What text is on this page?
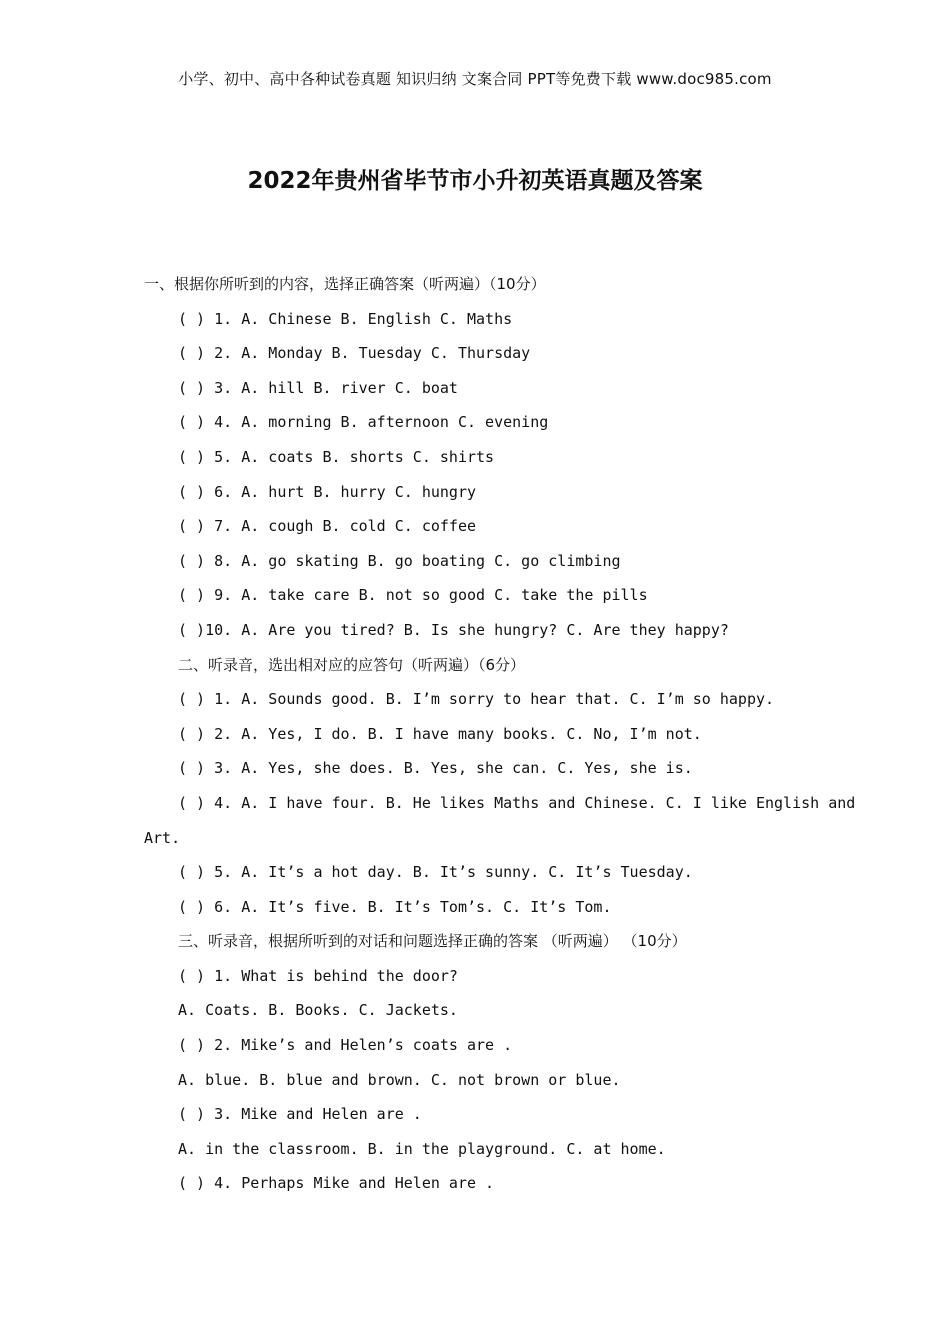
小学、初中、高中各种试卷真题 知识归纳 文案合同 PPT等免费下载 www.doc985.com
2022年贵州省毕节市小升初英语真题及答案
一、根据你所听到的内容，选择正确答案（听两遍）（10分）
( ) 1. A. Chinese B. English C. Maths
( ) 2. A. Monday B. Tuesday C. Thursday
( ) 3. A. hill B. river C. boat
( ) 4. A. morning B. afternoon C. evening
( ) 5. A. coats B. shorts C. shirts
( ) 6. A. hurt B. hurry C. hungry
( ) 7. A. cough B. cold C. coffee
( ) 8. A. go skating B. go boating C. go climbing
( ) 9. A. take care B. not so good C. take the pills
( )10. A. Are you tired? B. Is she hungry? C. Are they happy?
二、听录音，选出相对应的应答句（听两遍）（6分）
( ) 1. A. Sounds good. B. I’m sorry to hear that. C. I’m so happy.
( ) 2. A. Yes, I do. B. I have many books. C. No, I’m not.
( ) 3. A. Yes, she does. B. Yes, she can. C. Yes, she is.
( ) 4. A. I have four. B. He likes Maths and Chinese. C. I like English and
Art.
( ) 5. A. It’s a hot day. B. It’s sunny. C. It’s Tuesday.
( ) 6. A. It’s five. B. It’s Tom’s. C. It’s Tom.
三、听录音，根据所听到的对话和问题选择正确的答案 （听两遍） （10分）
( ) 1. What is behind the door?
A. Coats. B. Books. C. Jackets.
( ) 2. Mike’s and Helen’s coats are .
A. blue. B. blue and brown. C. not brown or blue.
( ) 3. Mike and Helen are .
A. in the classroom. B. in the playground. C. at home.
( ) 4. Perhaps Mike and Helen are .
